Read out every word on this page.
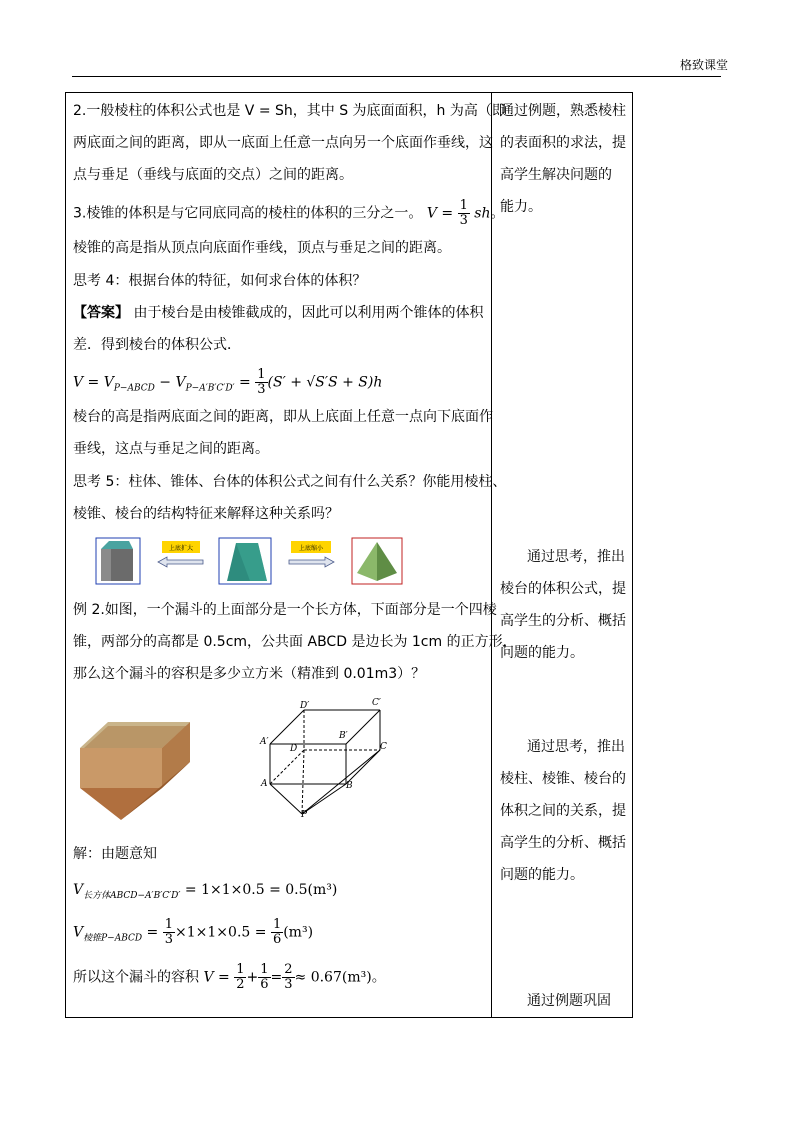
格致课堂
2.一般棱柱的体积公式也是 V = Sh，其中 S 为底面面积，h 为高（即
两底面之间的距离，即从一底面上任意一点向另一个底面作垂线，这
点与垂足（垂线与底面的交点）之间的距离。
3.棱锥的体积是与它同底同高的棱柱的体积的三分之一。 $V = \frac{1}{3}$ sh。
棱锥的高是指从顶点向底面作垂线，顶点与垂足之间的距离。
思考 4：根据台体的特征，如何求台体的体积？
【答案】 由于棱台是由棱锥截成的，因此可以利用两个锥体的体积
差．得到棱台的体积公式．
$V = V_{P-ABCD} - V_{P-A'B'C'D'} = \frac{1}{3} (S' + √S'S + S)h$
棱台的高是指两底面之间的距离，即从上底面上任意一点向下底面作
垂线，这点与垂足之间的距离。
思考 5：柱体、锥体、台体的体积公式之间有什么关系？你能用棱柱、
棱锥、棱台的结构特征来解释这种关系吗？
上底扩大	上底缩小
例 2.如图，一个漏斗的上面部分是一个长方体，下面部分是一个四棱
锥，两部分的高都是 0.5cm，公共面 ABCD 是边长为 1cm 的正方形，
那么这个漏斗的容积是多少立方米（精准到 0.01m3）？
D′	C′
A′
B′
D	C
A	B
P
解：由题意知
$V_{长方体ABCD-A'B'C'D'} = 1\times 1\times 0.5 = 0.5(m^3)$
$V_{棱锥P-ABCD} = \frac{1}{3} \times 1\times 1\times 0.5 = \frac{1}{6} (m^3)$
所以这个漏斗的容积 $V = \frac{1}{2} + \frac{1}{6} = \frac{2}{3} \approx 0.67(m^3)$。
通过例题，熟悉棱柱
的表面积的求法，提
高学生解决问题的
能力。
通过思考，推出
棱台的体积公式，提
高学生的分析、概括
问题的能力。
通过思考，推出
棱柱、棱锥、棱台的
体积之间的关系，提
高学生的分析、概括
问题的能力。
通过例题巩固
